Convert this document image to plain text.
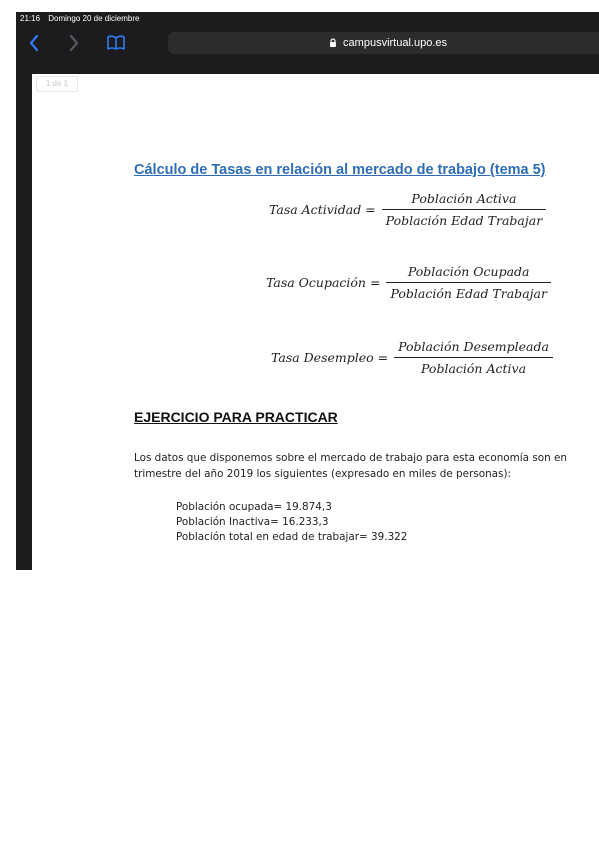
21:16 Domingo 20 de diciembre
campusvirtual.upo.es
1 de 1
Cálculo de Tasas en relación al mercado de trabajo (tema 5)
Tasa Actividad = $\frac{\text{Población Activa}}{\text{Población Edad Trabajar}}$
Tasa Ocupación = $\frac{\text{Población Ocupada}}{\text{Población Edad Trabajar}}$
Tasa Desempleo = $\frac{\text{Población Desempleada}}{\text{Población Activa}}$
EJERCICIO PARA PRACTICAR
Los datos que disponemos sobre el mercado de trabajo para esta economía son en
trimestre del año 2019 los siguientes (expresado en miles de personas):
Población ocupada= 19.874,3
Población Inactiva= 16.233,3
Población total en edad de trabajar= 39.322
